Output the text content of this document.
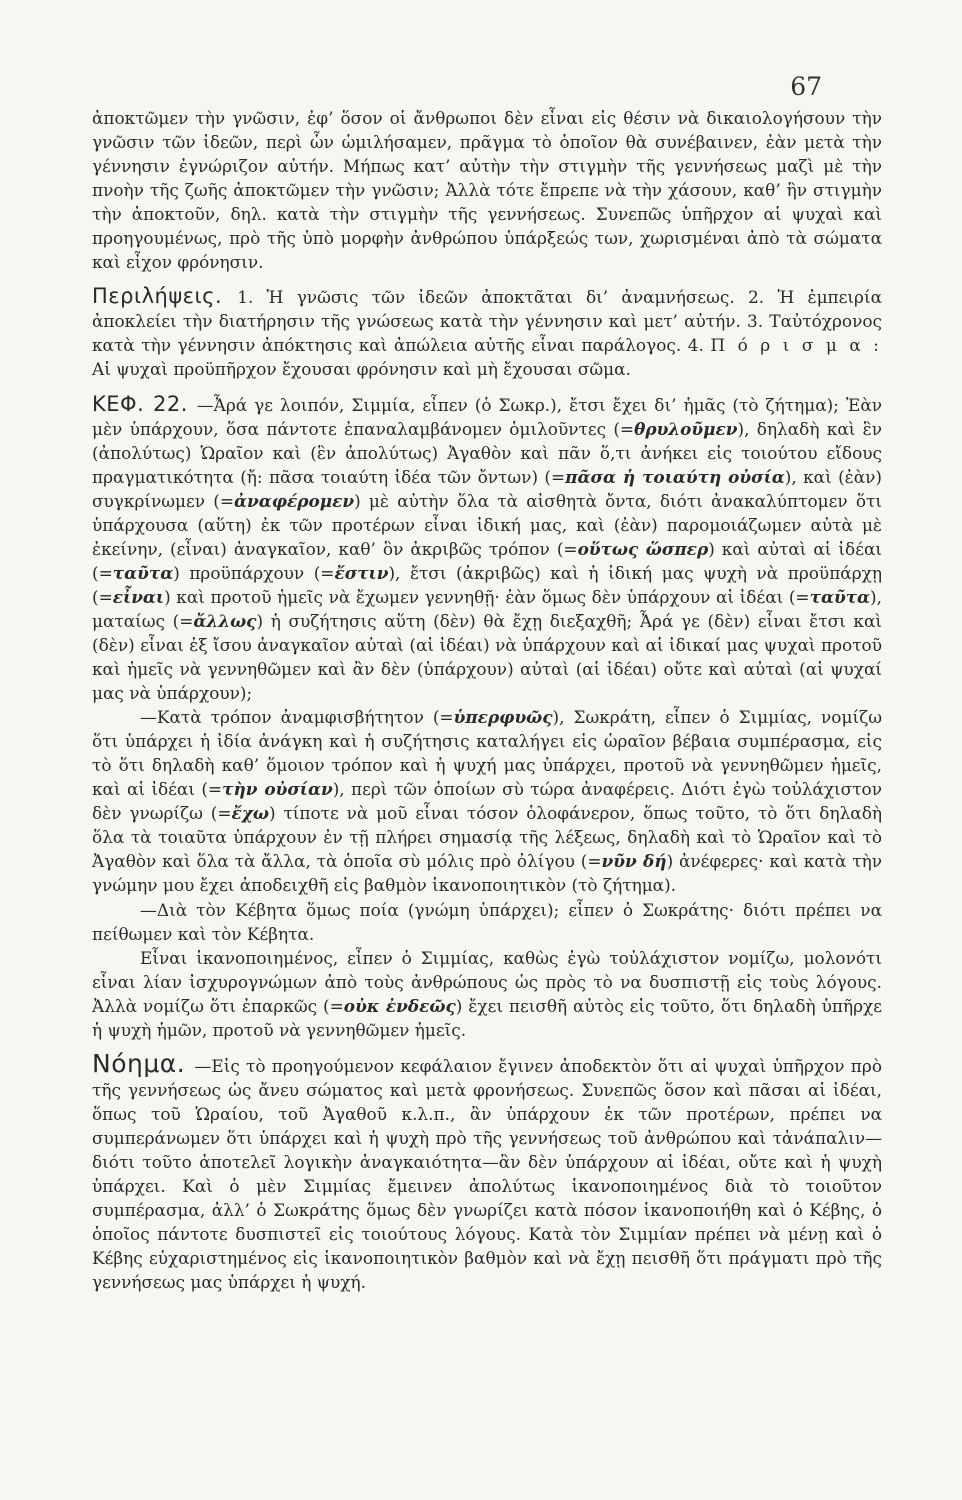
67

ἀποκτῶμεν τὴν γνῶσιν, ἐφ’ ὅσον οἱ ἄνθρωποι δὲν εἶναι εἰς θέσιν νὰ δικαιολογήσουν τὴν γνῶσιν τῶν ἰδεῶν, περὶ ὧν ὡμιλήσαμεν, πρᾶγμα τὸ ὁποῖον θὰ συνέβαινεν, ἐὰν μετὰ τὴν γέννησιν ἐγνώριζον αὐτήν. Μήπως κατ’ αὐτὴν τὴν στιγμὴν τῆς γεννήσεως μαζὶ μὲ τὴν πνοὴν τῆς ζωῆς ἀποκτῶμεν τὴν γνῶσιν; Ἀλλὰ τότε ἔπρεπε νὰ τὴν χάσουν, καθ’ ἣν στιγμὴν τὴν ἀποκτοῦν, δηλ. κατὰ τὴν στιγμὴν τῆς γεννήσεως. Συνεπῶς ὑπῆρχον αἱ ψυχαὶ καὶ προηγουμένως, πρὸ τῆς ὑπὸ μορφὴν ἀνθρώπου ὑπάρξεώς των, χωρισμέναι ἀπὸ τὰ σώματα καὶ εἶχον φρόνησιν.

Περιλήψεις. 1. Ἡ γνῶσις τῶν ἰδεῶν ἀποκτᾶται δι’ ἀναμνήσεως. 2. Ἡ ἐμπειρία ἀποκλείει τὴν διατήρησιν τῆς γνώσεως κατὰ τὴν γέννησιν καὶ μετ’ αὐτήν. 3. Ταὐτόχρονος κατὰ τὴν γέννησιν ἀπόκτησις καὶ ἀπώλεια αὐτῆς εἶναι παράλογος. 4. Π ό ρ ι σ μ α : Αἱ ψυχαὶ προϋπῆρχον ἔχουσαι φρόνησιν καὶ μὴ ἔχουσαι σῶμα.

ΚΕΦ. 22. —Ἆρά γε λοιπόν, Σιμμία, εἶπεν (ὁ Σωκρ.), ἔτσι ἔχει δι’ ἡμᾶς (τὸ ζήτημα); Ἐὰν μὲν ὑπάρχουν, ὅσα πάντοτε ἐπαναλαμβάνομεν ὁμιλοῦντες (=θρυλοῦμεν), δηλαδὴ καὶ ἓν (ἀπολύτως) Ὡραῖον καὶ (ἓν ἀπολύτως) Ἀγαθὸν καὶ πᾶν ὅ,τι ἀνήκει εἰς τοιούτου εἴδους πραγματικότητα (ἤ: πᾶσα τοιαύτη ἰδέα τῶν ὄντων) (=πᾶσα ἡ τοιαύτη οὐσία), καὶ (ἐὰν) συγκρίνωμεν (=ἀναφέρομεν) μὲ αὐτὴν ὅλα τὰ αἰσθητὰ ὄντα, διότι ἀνακαλύπτομεν ὅτι ὑπάρχουσα (αὕτη) ἐκ τῶν προτέρων εἶναι ἰδική μας, καὶ (ἐὰν) παρομοιάζωμεν αὐτὰ μὲ ἐκείνην, (εἶναι) ἀναγκαῖον, καθ’ ὃν ἀκριβῶς τρόπον (=οὕτως ὥσπερ) καὶ αὐταὶ αἱ ἰδέαι (=ταῦτα) προϋπάρχουν (=ἔστιν), ἔτσι (ἀκριβῶς) καὶ ἡ ἰδική μας ψυχὴ νὰ προϋπάρχῃ (=εἶναι) καὶ προτοῦ ἡμεῖς νὰ ἔχωμεν γεννηθῇ· ἐὰν ὅμως δὲν ὑπάρχουν αἱ ἰδέαι (=ταῦτα), ματαίως (=ἄλλως) ἡ συζήτησις αὕτη (δὲν) θὰ ἔχῃ διεξαχθῆ; Ἆρά γε (δὲν) εἶναι ἔτσι καὶ (δὲν) εἶναι ἐξ ἴσου ἀναγκαῖον αὐταὶ (αἱ ἰδέαι) νὰ ὑπάρχουν καὶ αἱ ἰδικαί μας ψυχαὶ προτοῦ καὶ ἡμεῖς νὰ γεννηθῶμεν καὶ ἂν δὲν (ὑπάρχουν) αὐταὶ (αἱ ἰδέαι) οὔτε καὶ αὐταὶ (αἱ ψυχαί μας νὰ ὑπάρχουν);

—Κατὰ τρόπον ἀναμφισβήτητον (=ὑπερφυῶς), Σωκράτη, εἶπεν ὁ Σιμμίας, νομίζω ὅτι ὑπάρχει ἡ ἰδία ἀνάγκη καὶ ἡ συζήτησις καταλήγει εἰς ὡραῖον βέβαια συμπέρασμα, εἰς τὸ ὅτι δηλαδὴ καθ’ ὅμοιον τρόπον καὶ ἡ ψυχή μας ὑπάρχει, προτοῦ νὰ γεννηθῶμεν ἡμεῖς, καὶ αἱ ἰδέαι (=τὴν οὐσίαν), περὶ τῶν ὁποίων σὺ τώρα ἀναφέρεις. Διότι ἐγὼ τοὐλάχιστον δὲν γνωρίζω (=ἔχω) τίποτε νὰ μοῦ εἶναι τόσον ὁλοφάνερον, ὅπως τοῦτο, τὸ ὅτι δηλαδὴ ὅλα τὰ τοιαῦτα ὑπάρχουν ἐν τῇ πλήρει σημασίᾳ τῆς λέξεως, δηλαδὴ καὶ τὸ Ὡραῖον καὶ τὸ Ἀγαθὸν καὶ ὅλα τὰ ἄλλα, τὰ ὁποῖα σὺ μόλις πρὸ ὀλίγου (=νῦν δή) ἀνέφερες· καὶ κατὰ τὴν γνώμην μου ἔχει ἀποδειχθῆ εἰς βαθμὸν ἱκανοποιητικὸν (τὸ ζήτημα).

—Διὰ τὸν Κέβητα ὅμως ποία (γνώμη ὑπάρχει); εἶπεν ὁ Σωκράτης· διότι πρέπει να πείθωμεν καὶ τὸν Κέβητα.

Εἶναι ἱκανοποιημένος, εἶπεν ὁ Σιμμίας, καθὼς ἐγὼ τοὐλάχιστον νομίζω, μολονότι εἶναι λίαν ἰσχυρογνώμων ἀπὸ τοὺς ἀνθρώπους ὡς πρὸς τὸ να δυσπιστῇ εἰς τοὺς λόγους. Ἀλλὰ νομίζω ὅτι ἐπαρκῶς (=οὐκ ἐνδεῶς) ἔχει πεισθῆ αὐτὸς εἰς τοῦτο, ὅτι δηλαδὴ ὑπῆρχε ἡ ψυχὴ ἡμῶν, προτοῦ νὰ γεννηθῶμεν ἡμεῖς.

Νόημα. —Εἰς τὸ προηγούμενον κεφάλαιον ἔγινεν ἀποδεκτὸν ὅτι αἱ ψυχαὶ ὑπῆρχον πρὸ τῆς γεννήσεως ὡς ἄνευ σώματος καὶ μετὰ φρονήσεως. Συνεπῶς ὅσον καὶ πᾶσαι αἱ ἰδέαι, ὅπως τοῦ Ὡραίου, τοῦ Ἀγαθοῦ κ.λ.π., ἂν ὑπάρχουν ἐκ τῶν προτέρων, πρέπει να συμπεράνωμεν ὅτι ὑπάρχει καὶ ἡ ψυχὴ πρὸ τῆς γεννήσεως τοῦ ἀνθρώπου καὶ τἀνάπαλιν—διότι τοῦτο ἀποτελεῖ λογικὴν ἀναγκαιότητα—ἂν δὲν ὑπάρχουν αἱ ἰδέαι, οὔτε καὶ ἡ ψυχὴ ὑπάρχει. Καὶ ὁ μὲν Σιμμίας ἔμεινεν ἀπολύτως ἱκανοποιημένος διὰ τὸ τοιοῦτον συμπέρασμα, ἀλλ’ ὁ Σωκράτης ὅμως δὲν γνωρίζει κατὰ πόσον ἱκανοποιήθη καὶ ὁ Κέβης, ὁ ὁποῖος πάντοτε δυσπιστεῖ εἰς τοιούτους λόγους. Κατὰ τὸν Σιμμίαν πρέπει νὰ μένῃ καὶ ὁ Κέβης εὐχαριστημένος εἰς ἱκανοποιητικὸν βαθμὸν καὶ νὰ ἔχῃ πεισθῆ ὅτι πράγματι πρὸ τῆς γεννήσεως μας ὑπάρχει ἡ ψυχή.
